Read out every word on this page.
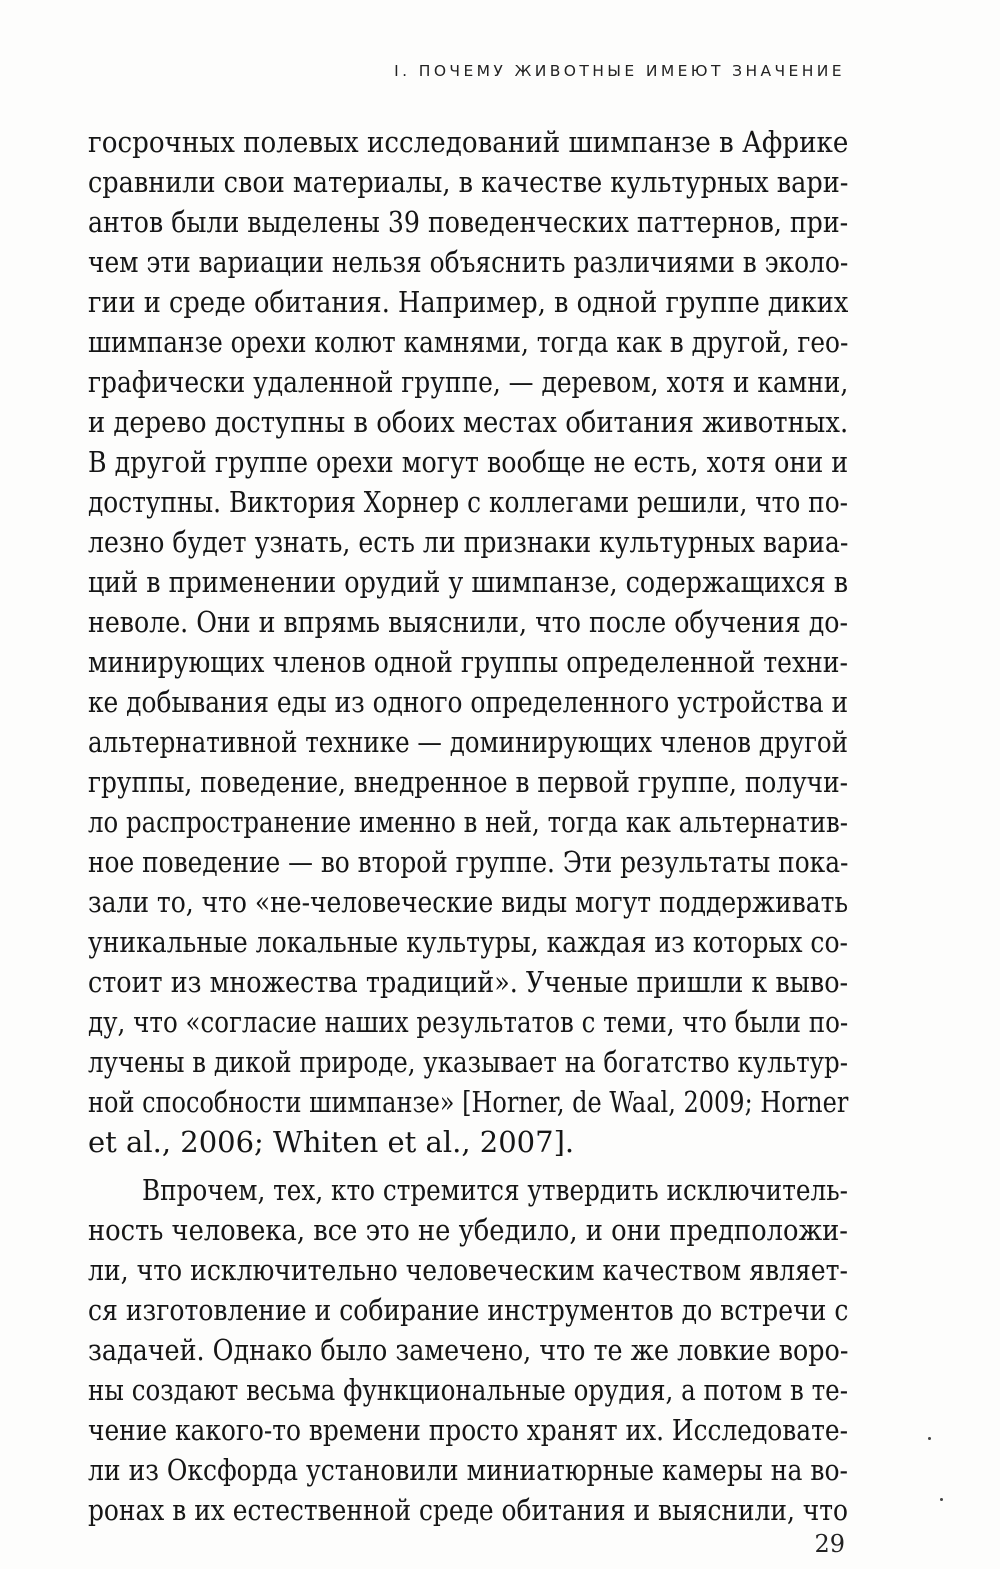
I. ПОЧЕМУ ЖИВОТНЫЕ ИМЕЮТ ЗНАЧЕНИЕ

госрочных полевых исследований шимпанзе в Африке

сравнили свои материалы, в качестве культурных вари-

антов были выделены 39 поведенческих паттернов, при-

чем эти вариации нельзя объяснить различиями в эколо-

гии и среде обитания. Например, в одной группе диких

шимпанзе орехи колют камнями, тогда как в другой, гео-

графически удаленной группе, — деревом, хотя и камни,

и дерево доступны в обоих местах обитания животных.

В другой группе орехи могут вообще не есть, хотя они и

доступны. Виктория Хорнер с коллегами решили, что по-

лезно будет узнать, есть ли признаки культурных вариа-

ций в применении орудий у шимпанзе, содержащихся в

неволе. Они и впрямь выяснили, что после обучения до-

минирующих членов одной группы определенной техни-

ке добывания еды из одного определенного устройства и

альтернативной технике — доминирующих членов другой

группы, поведение, внедренное в первой группе, получи-

ло распространение именно в ней, тогда как альтернатив-

ное поведение — во второй группе. Эти результаты пока-

зали то, что «не-человеческие виды могут поддерживать

уникальные локальные культуры, каждая из которых со-

стоит из множества традиций». Ученые пришли к выво-

ду, что «согласие наших результатов с теми, что были по-

лучены в дикой природе, указывает на богатство культур-

ной способности шимпанзе» [Horner, de Waal, 2009; Horner

et al., 2006; Whiten et al., 2007].

Впрочем, тех, кто стремится утвердить исключитель-

ность человека, все это не убедило, и они предположи-

ли, что исключительно человеческим качеством являет-

ся изготовление и собирание инструментов до встречи с

задачей. Однако было замечено, что те же ловкие воро-

ны создают весьма функциональные орудия, а потом в те-

чение какого-то времени просто хранят их. Исследовате-

ли из Оксфорда установили миниатюрные камеры на во-

ронах в их естественной среде обитания и выяснили, что

29
